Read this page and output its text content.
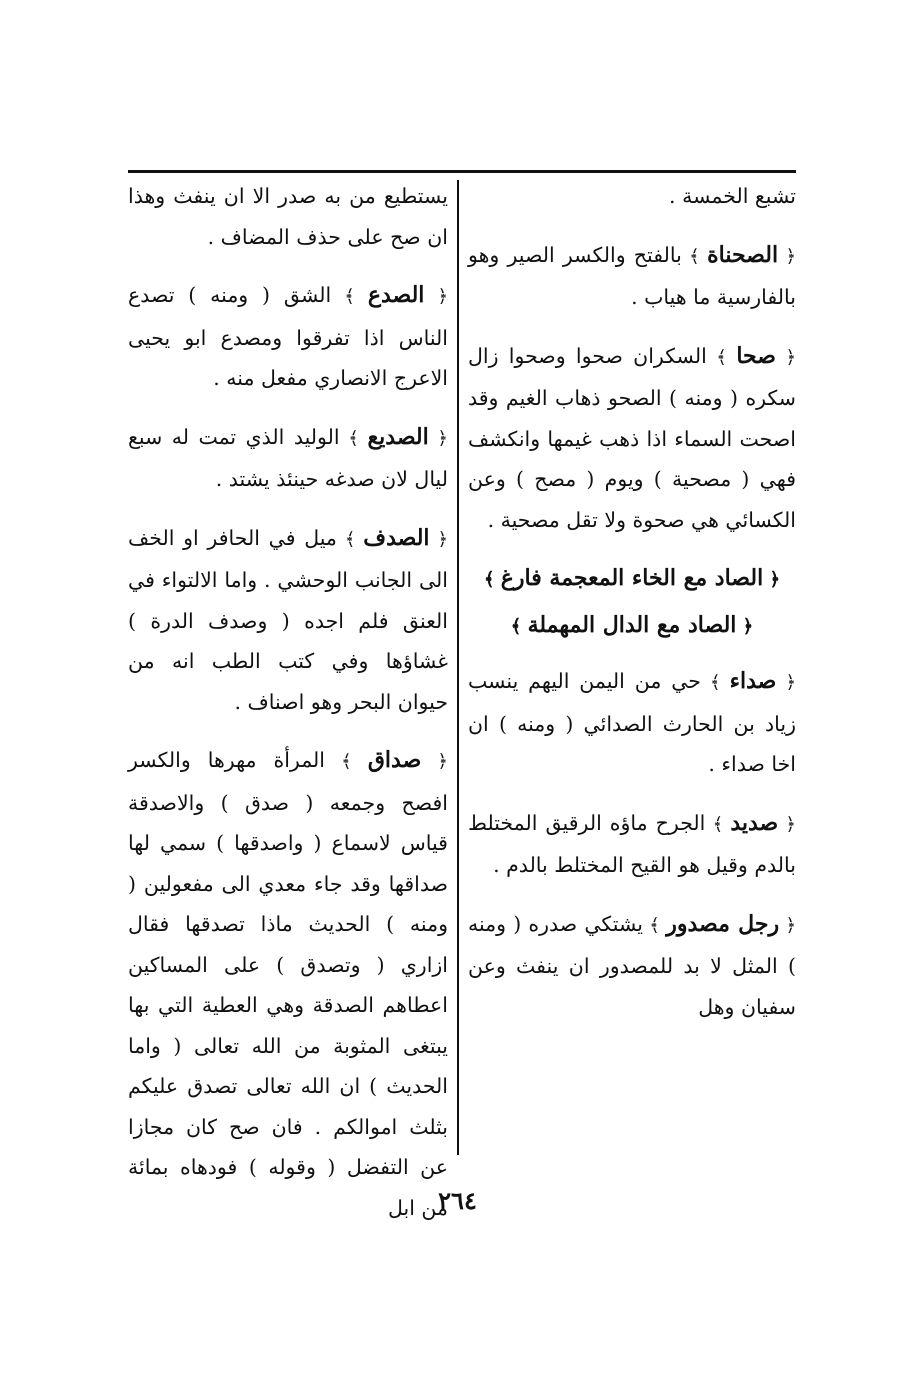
تشبع الخمسة .

﴿ الصحناة ﴾ بالفتح والكسر الصير وهو بالفارسية ما هياب .

﴿ صحا ﴾ السكران صحوا وصحوا زال سكره ( ومنه ) الصحو ذهاب الغيم وقد اصحت السماء اذا ذهب غيمها وانكشف فهي ( مصحية ) ويوم ( مصح ) وعن الكسائي هي صحوة ولا تقل مصحية .

﴿ الصاد مع الخاء المعجمة فارغ ﴾
﴿ الصاد مع الدال المهملة ﴾

﴿ صداء ﴾ حي من اليمن اليهم ينسب زياد بن الحارث الصدائي ( ومنه ) ان اخا صداء .

﴿ صديد ﴾ الجرح ماؤه الرقيق المختلط بالدم وقيل هو القيح المختلط بالدم .

﴿ رجل مصدور ﴾ يشتكي صدره ( ومنه ) المثل لا بد للمصدور ان ينفث وعن سفيان وهل

يستطيع من به صدر الا ان ينفث وهذا ان صح على حذف المضاف .

﴿ الصدع ﴾ الشق ( ومنه ) تصدع الناس اذا تفرقوا ومصدع ابو يحيى الاعرج الانصاري مفعل منه .

﴿ الصديع ﴾ الوليد الذي تمت له سبع ليال لان صدغه حينئذ يشتد .

﴿ الصدف ﴾ ميل في الحافر او الخف الى الجانب الوحشي . واما الالتواء في العنق فلم اجده ( وصدف الدرة ) غشاؤها وفي كتب الطب انه من حيوان البحر وهو اصناف .

﴿ صداق ﴾ المرأة مهرها والكسر افصح وجمعه ( صدق ) والاصدقة قياس لاسماع ( واصدقها ) سمي لها صداقها وقد جاء معدي الى مفعولين ( ومنه ) الحديث ماذا تصدقها فقال ازاري ( وتصدق ) على المساكين اعطاهم الصدقة وهي العطية التي بها يبتغى المثوبة من الله تعالى ( واما الحديث ) ان الله تعالى تصدق عليكم بثلث اموالكم . فان صح كان مجازا عن التفضل ( وقوله ) فودهاه بمائة من ابل

٢٦٤
